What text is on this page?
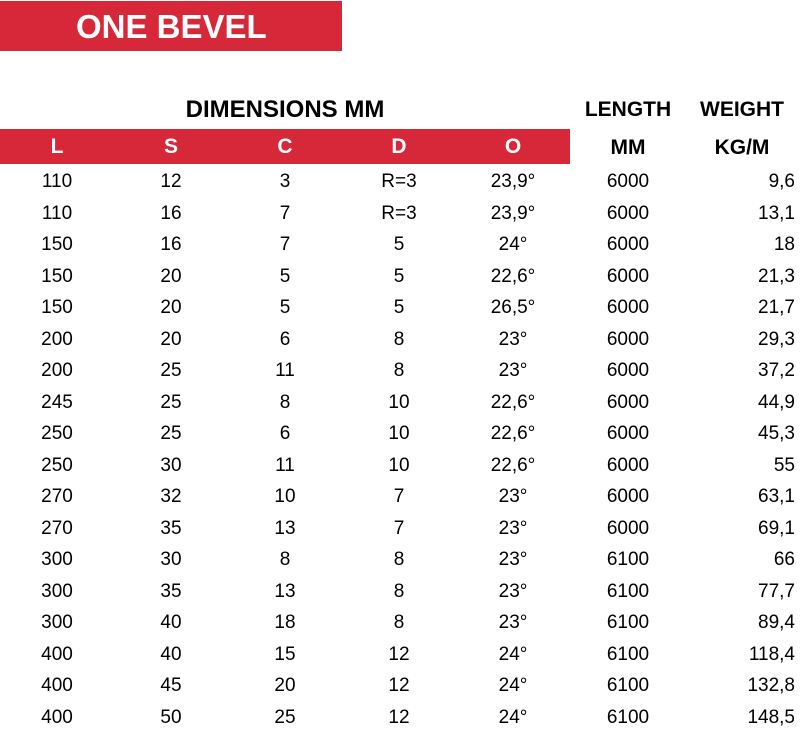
ONE BEVEL
DIMENSIONS MM	LENGTH	WEIGHT
MM	KG/M
L	S	C	D	O
110	12	3	R=3	23,9°	6000	9,6
110	16	7	R=3	23,9°	6000	13,1
150	16	7	5	24°	6000	18
150	20	5	5	22,6°	6000	21,3
150	20	5	5	26,5°	6000	21,7
200	20	6	8	23°	6000	29,3
200	25	11	8	23°	6000	37,2
245	25	8	10	22,6°	6000	44,9
250	25	6	10	22,6°	6000	45,3
250	30	11	10	22,6°	6000	55
270	32	10	7	23°	6000	63,1
270	35	13	7	23°	6000	69,1
300	30	8	8	23°	6100	66
300	35	13	8	23°	6100	77,7
300	40	18	8	23°	6100	89,4
400	40	15	12	24°	6100	118,4
400	45	20	12	24°	6100	132,8
400	50	25	12	24°	6100	148,5
